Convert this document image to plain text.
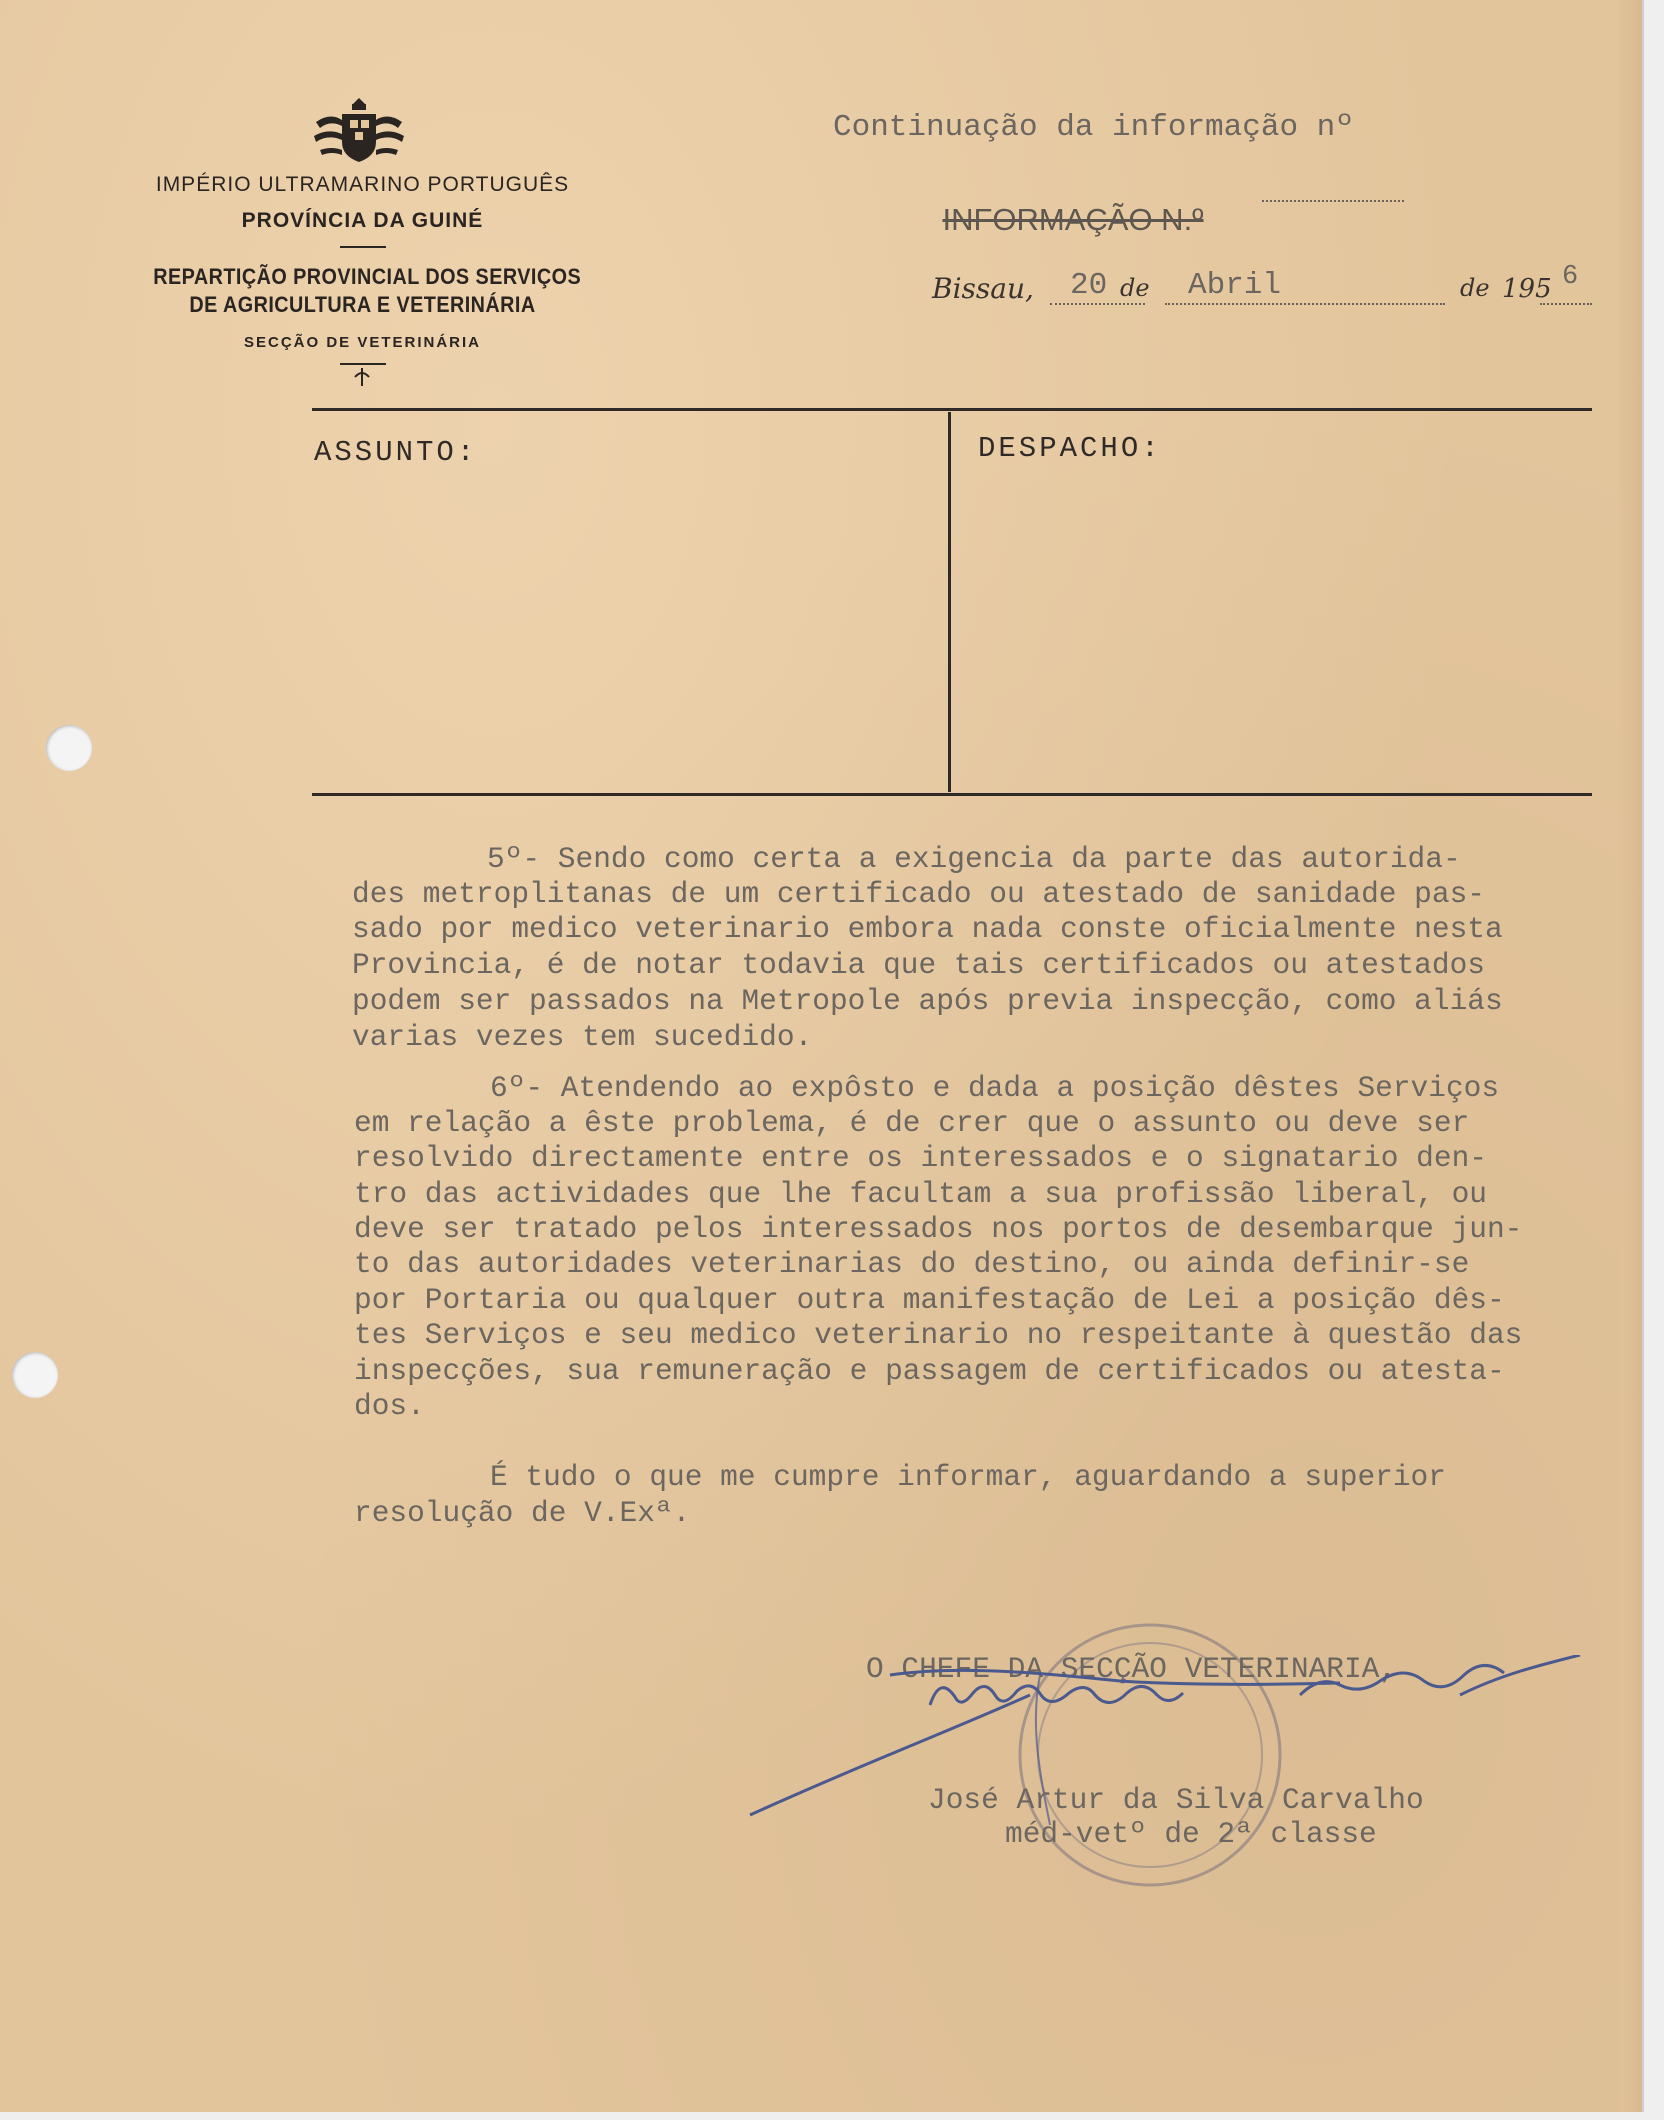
IMPÉRIO ULTRAMARINO PORTUGUÊS
PROVÍNCIA DA GUINÉ
REPARTIÇÃO PROVINCIAL DOS SERVIÇOS
DE AGRICULTURA E VETERINÁRIA
SECÇÃO DE VETERINÁRIA
Continuação da informação nº

INFORMAÇÃO N.º

Bissau, 20 de Abril	de 195 6
ASSUNTO:	DESPACHO:
5º- Sendo como certa a exigencia da parte das autorida-
des metroplitanas de um certificado ou atestado de sanidade pas-
sado por medico veterinario embora nada conste oficialmente nesta
Provincia, é de notar todavia que tais certificados ou atestados
podem ser passados na Metropole após previa inspecção, como aliás
varias vezes tem sucedido.
6º- Atendendo ao expôsto e dada a posição dêstes Serviços
em relação a êste problema, é de crer que o assunto ou deve ser
resolvido directamente entre os interessados e o signatario den-
tro das actividades que lhe facultam a sua profissão liberal, ou
deve ser tratado pelos interessados nos portos de desembarque jun-
to das autoridades veterinarias do destino, ou ainda definir-se
por Portaria ou qualquer outra manifestação de Lei a posição dês-
tes Serviços e seu medico veterinario no respeitante à questão das
inspecções, sua remuneração e passagem de certificados ou atesta-
dos.
É tudo o que me cumpre informar, aguardando a superior
resolução de V.Exª.
O CHEFE DA SECÇÃO VETERINARIA,
José Artur da Silva Carvalho
méd-vetº de 2ª classe
